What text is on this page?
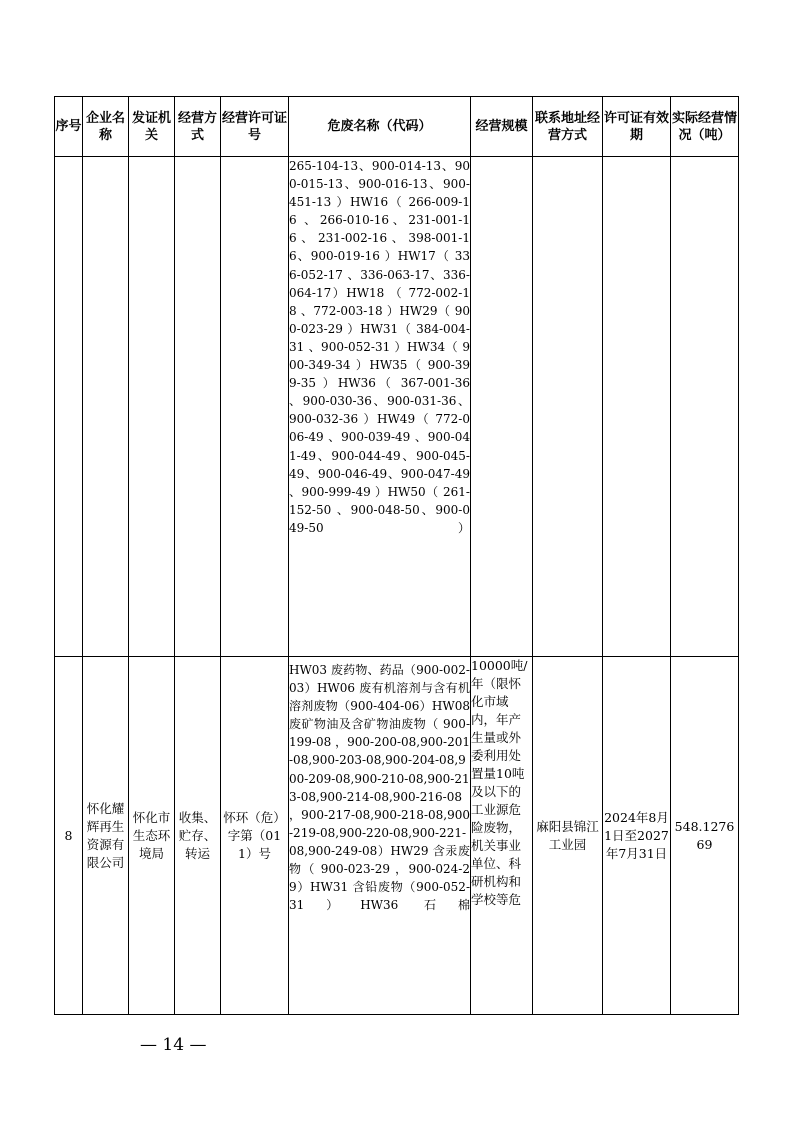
序号	企业名称	发证机关	经营方式	经营许可证号	危废名称（代码）	经营规模	联系地址经营方式	许可证有效期	实际经营情况（吨）
					265-104-13、900-014-13、900-015-13、900-016-13、900-451-13 ）HW16（ 266-009-16 、266-010-16、231-001-16、231-002-16、398-001-16、900-019-16 ）HW17（ 336-052-17 、336-063-17、336-064-17）HW18 （ 772-002-18 、772-003-18 ）HW29（ 900-023-29 ）HW31（ 384-004-31 、900-052-31 ）HW34（ 900-349-34 ）HW35（ 900-399-35 ）HW36（ 367-001-36 、900-030-36、900-031-36、900-032-36 ）HW49（ 772-006-49 、900-039-49 、900-041-49、900-044-49、900-045-49、900-046-49、900-047-49 、900-999-49 ）HW50（ 261-152-50 、900-048-50、900-049-50）				
8	怀化耀辉再生资源有限公司	怀化市生态环境局	收集、贮存、转运	怀环（危）字第（011）号	HW03 废药物、药品（900-002-03）HW06 废有机溶剂与含有机溶剂废物（900-404-06）HW08 废矿物油及含矿物油废物（ 900-199-08 ，900-200-08,900-201-08,900-203-08,900-204-08,900-209-08,900-210-08,900-213-08,900-214-08,900-216-08 ，900-217-08,900-218-08,900-219-08,900-220-08,900-221-08,900-249-08）HW29 含汞废物（ 900-023-29 ，900-024-29）HW31 含铅废物（900-052-31）HW36 石棉	10000吨/年（限怀化市域内，年产生量或外委利用处置量10吨及以下的工业源危险废物，机关事业单位、科研机构和学校等危	麻阳县锦江工业园	2024年8月1日至2027年7月31日	548.127669
— 14 —
